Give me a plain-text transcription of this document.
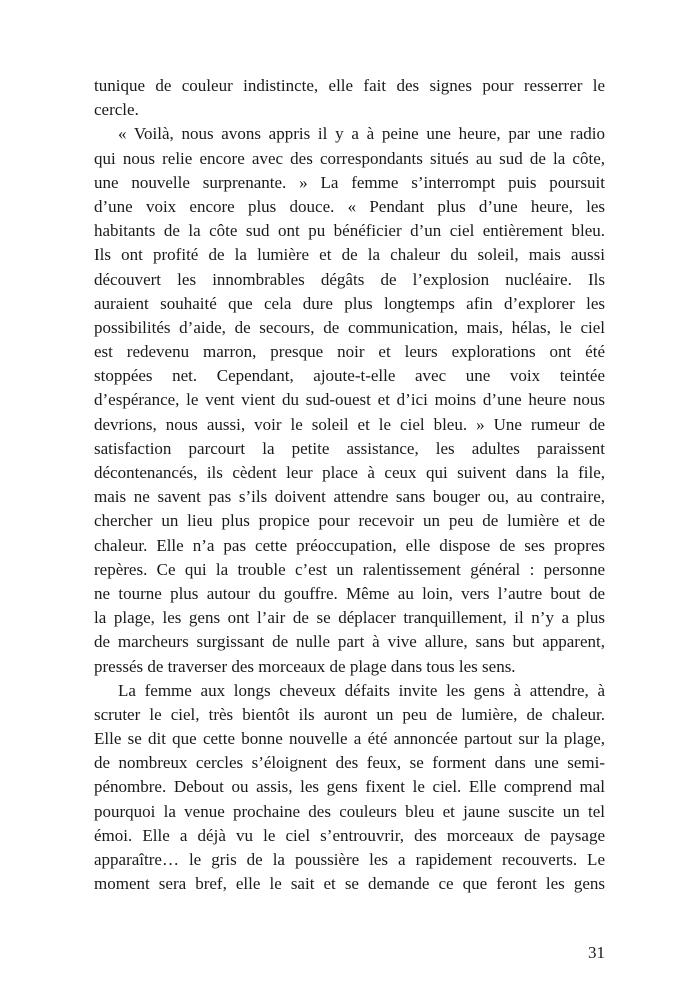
tunique de couleur indistincte, elle fait des signes pour resserrer le
cercle.
« Voilà, nous avons appris il y a à peine une heure, par une radio
qui nous relie encore avec des correspondants situés au sud de la côte,
une nouvelle surprenante. » La femme s’interrompt puis poursuit
d’une voix encore plus douce. « Pendant plus d’une heure, les
habitants de la côte sud ont pu bénéficier d’un ciel entièrement bleu.
Ils ont profité de la lumière et de la chaleur du soleil, mais aussi
découvert les innombrables dégâts de l’explosion nucléaire. Ils
auraient souhaité que cela dure plus longtemps afin d’explorer les
possibilités d’aide, de secours, de communication, mais, hélas, le ciel
est redevenu marron, presque noir et leurs explorations ont été
stoppées net. Cependant, ajoute-t-elle avec une voix teintée
d’espérance, le vent vient du sud-ouest et d’ici moins d’une heure nous
devrions, nous aussi, voir le soleil et le ciel bleu. » Une rumeur de
satisfaction parcourt la petite assistance, les adultes paraissent
décontenancés, ils cèdent leur place à ceux qui suivent dans la file,
mais ne savent pas s’ils doivent attendre sans bouger ou, au contraire,
chercher un lieu plus propice pour recevoir un peu de lumière et de
chaleur. Elle n’a pas cette préoccupation, elle dispose de ses propres
repères. Ce qui la trouble c’est un ralentissement général : personne
ne tourne plus autour du gouffre. Même au loin, vers l’autre bout de
la plage, les gens ont l’air de se déplacer tranquillement, il n’y a plus
de marcheurs surgissant de nulle part à vive allure, sans but apparent,
pressés de traverser des morceaux de plage dans tous les sens.
La femme aux longs cheveux défaits invite les gens à attendre, à
scruter le ciel, très bientôt ils auront un peu de lumière, de chaleur.
Elle se dit que cette bonne nouvelle a été annoncée partout sur la plage,
de nombreux cercles s’éloignent des feux, se forment dans une semi-
pénombre. Debout ou assis, les gens fixent le ciel. Elle comprend mal
pourquoi la venue prochaine des couleurs bleu et jaune suscite un tel
émoi. Elle a déjà vu le ciel s’entrouvrir, des morceaux de paysage
apparaître… le gris de la poussière les a rapidement recouverts. Le
moment sera bref, elle le sait et se demande ce que feront les gens
31
